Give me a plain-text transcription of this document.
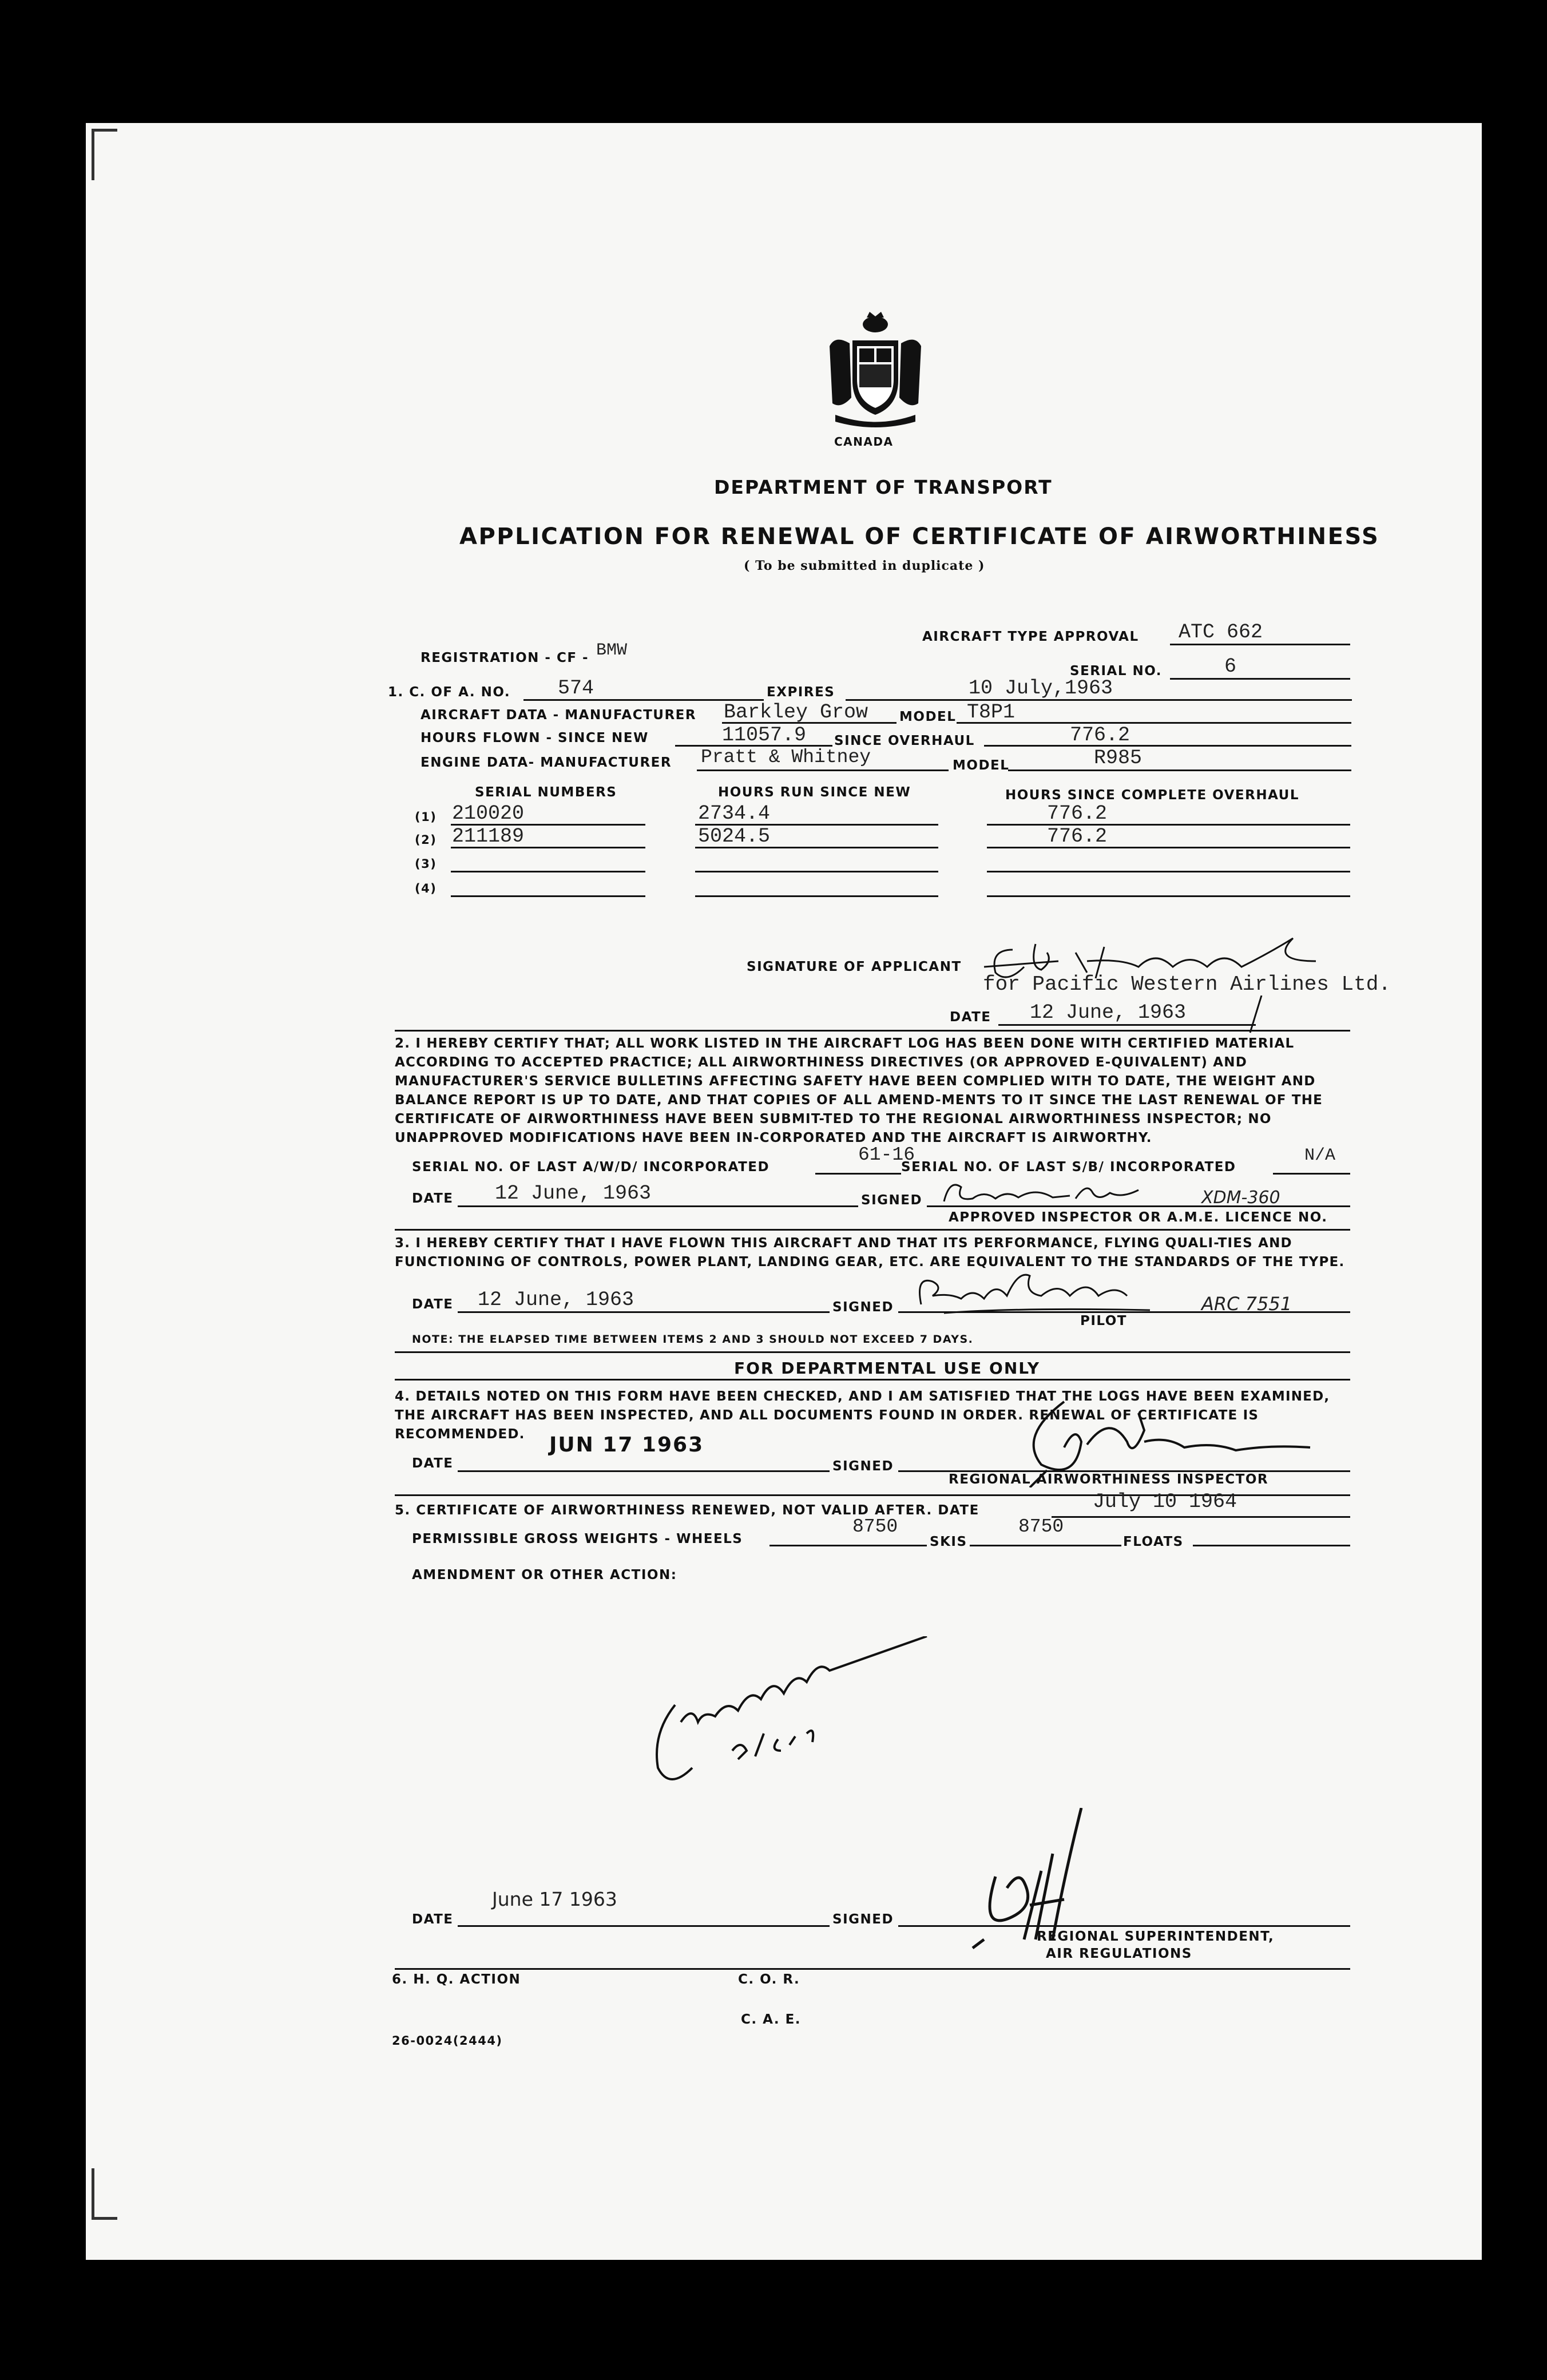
CANADA
DEPARTMENT OF TRANSPORT
APPLICATION FOR RENEWAL OF CERTIFICATE OF AIRWORTHINESS
( To be submitted in duplicate )
AIRCRAFT TYPE APPROVAL ATC 662
REGISTRATION - CF - BMW
SERIAL NO.	6
1. C. OF A. NO. 574	EXPIRES	10 July,1963
AIRCRAFT DATA - MANUFACTURER Barkley Grow MODEL T8P1
HOURS FLOWN - SINCE NEW	11057.9 SINCE OVERHAUL	776.2
ENGINE DATA- MANUFACTURER Pratt & Whitney	MODEL	R985
SERIAL NUMBERS	HOURS RUN SINCE NEW	HOURS SINCE COMPLETE OVERHAUL
(1) 210020	2734.4	776.2
(2) 211189	5024.5	776.2
(3)
(4)
SIGNATURE OF APPLICANT
for Pacific Western Airlines Ltd.
DATE 12 June, 1963
2. I HEREBY CERTIFY THAT; ALL WORK LISTED IN THE AIRCRAFT LOG HAS BEEN DONE WITH CERTIFIED MATERIAL ACCORDING TO ACCEPTED PRACTICE; ALL AIRWORTHINESS DIRECTIVES (OR APPROVED E-QUIVALENT) AND MANUFACTURER'S SERVICE BULLETINS AFFECTING SAFETY HAVE BEEN COMPLIED WITH TO DATE, THE WEIGHT AND BALANCE REPORT IS UP TO DATE, AND THAT COPIES OF ALL AMEND-MENTS TO IT SINCE THE LAST RENEWAL OF THE CERTIFICATE OF AIRWORTHINESS HAVE BEEN SUBMIT-TED TO THE REGIONAL AIRWORTHINESS INSPECTOR; NO UNAPPROVED MODIFICATIONS HAVE BEEN IN-CORPORATED AND THE AIRCRAFT IS AIRWORTHY.
SERIAL NO. OF LAST A/W/D/ INCORPORATED
61-16
SERIAL NO. OF LAST S/B/ INCORPORATED
N/A
DATE 12 June, 1963	SIGNED	XDM-360
APPROVED INSPECTOR OR A.M.E. LICENCE NO.
3. I HEREBY CERTIFY THAT I HAVE FLOWN THIS AIRCRAFT AND THAT ITS PERFORMANCE, FLYING QUALI-TIES AND FUNCTIONING OF CONTROLS, POWER PLANT, LANDING GEAR, ETC. ARE EQUIVALENT TO THE STANDARDS OF THE TYPE.
DATE 12 June, 1963	SIGNED	ARC 7551
PILOT
NOTE: THE ELAPSED TIME BETWEEN ITEMS 2 AND 3 SHOULD NOT EXCEED 7 DAYS.
FOR DEPARTMENTAL USE ONLY
4. DETAILS NOTED ON THIS FORM HAVE BEEN CHECKED, AND I AM SATISFIED THAT THE LOGS HAVE BEEN EXAMINED, THE AIRCRAFT HAS BEEN INSPECTED, AND ALL DOCUMENTS FOUND IN ORDER. RENEWAL OF CERTIFICATE IS RECOMMENDED.
DATE
JUN 17 1963
SIGNED
REGIONAL AIRWORTHINESS INSPECTOR
5. CERTIFICATE OF AIRWORTHINESS RENEWED, NOT VALID AFTER. DATE	July 10 1964
PERMISSIBLE GROSS WEIGHTS - WHEELS
8750
SKIS
8750
FLOATS
AMENDMENT OR OTHER ACTION:
June 17 1963
DATE	SIGNED
REGIONAL SUPERINTENDENT,
AIR REGULATIONS
6. H. Q. ACTION	C. O. R.
C. A. E.
26-0024(2444)
